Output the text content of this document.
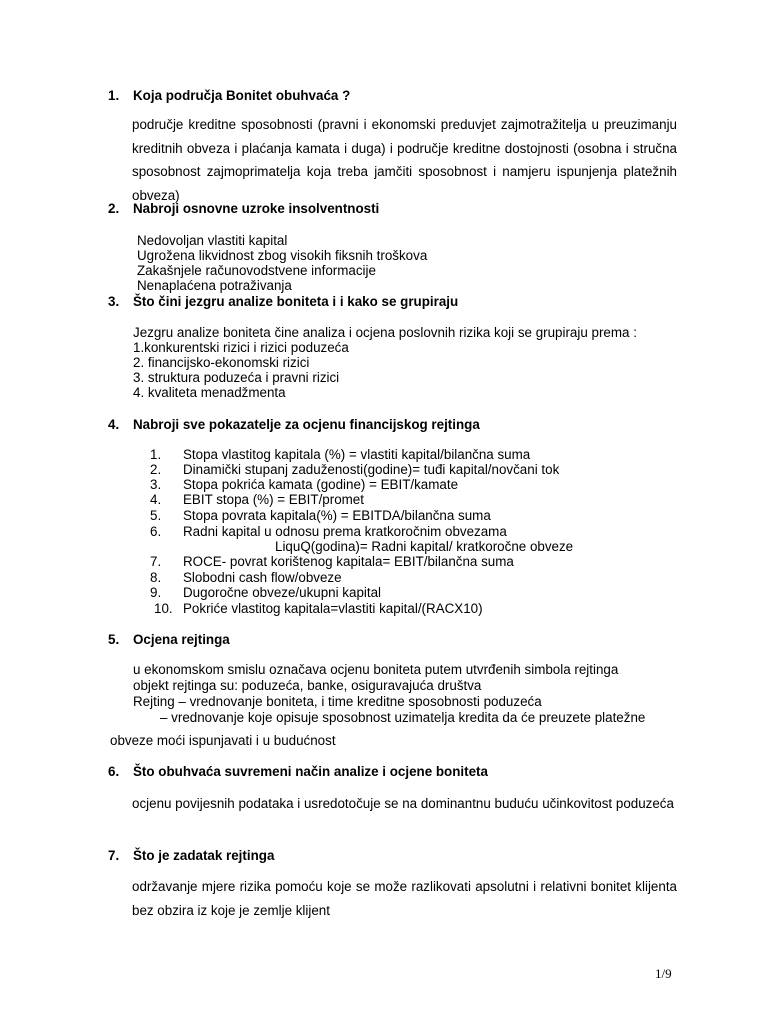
1. Koja područja Bonitet obuhvaća ?
područje kreditne sposobnosti (pravni i ekonomski preduvjet zajmotražitelja u preuzimanju kreditnih obveza i plaćanja kamata i duga) i područje kreditne dostojnosti (osobna i stručna sposobnost zajmoprimatelja koja treba jamčiti sposobnost i namjeru ispunjenja platežnih obveza)
2. Nabroji osnovne uzroke insolventnosti
Nedovoljan vlastiti kapital
Ugrožena likvidnost zbog visokih fiksnih troškova
Zakašnjele računovodstvene informacije
Nenaplaćena potraživanja
3. Što čini jezgru analize boniteta i i kako se grupiraju
Jezgru analize boniteta čine analiza i ocjena poslovnih rizika koji se grupiraju prema :
1.konkurentski rizici i rizici poduzeća
2. financijsko-ekonomski rizici
3. struktura poduzeća i pravni rizici
4. kvaliteta menadžmenta
4. Nabroji sve pokazatelje za ocjenu financijskog rejtinga
1. Stopa vlastitog kapitala (%) = vlastiti kapital/bilančna suma
2. Dinamički stupanj zaduženosti(godine)= tuđi kapital/novčani tok
3. Stopa pokrića kamata (godine) = EBIT/kamate
4. EBIT stopa (%) = EBIT/promet
5. Stopa povrata kapitala(%) = EBITDA/bilančna suma
6. Radni kapital u odnosu prema kratkoročnim obvezama
LiquQ(godina)= Radni kapital/ kratkoročne obveze
7. ROCE- povrat korištenog kapitala= EBIT/bilančna suma
8. Slobodni cash flow/obveze
9. Dugoročne obveze/ukupni kapital
10. Pokriće vlastitog kapitala=vlastiti kapital/(RACX10)
5. Ocjena rejtinga
u ekonomskom smislu označava ocjenu boniteta putem utvrđenih simbola rejtinga
objekt rejtinga su: poduzeća, banke, osiguravajuća društva
Rejting – vrednovanje boniteta, i time kreditne sposobnosti poduzeća
– vrednovanje koje opisuje sposobnost uzimatelja kredita da će preuzete platežne
obveze moći ispunjavati i u budućnost
6. Što obuhvaća suvremeni način analize i ocjene boniteta
ocjenu povijesnih podataka i usredotočuje se na dominantnu buduću učinkovitost poduzeća
7. Što je zadatak rejtinga
održavanje mjere rizika pomoću koje se može razlikovati apsolutni i relativni bonitet klijenta bez obzira iz koje je zemlje klijent
1/9
